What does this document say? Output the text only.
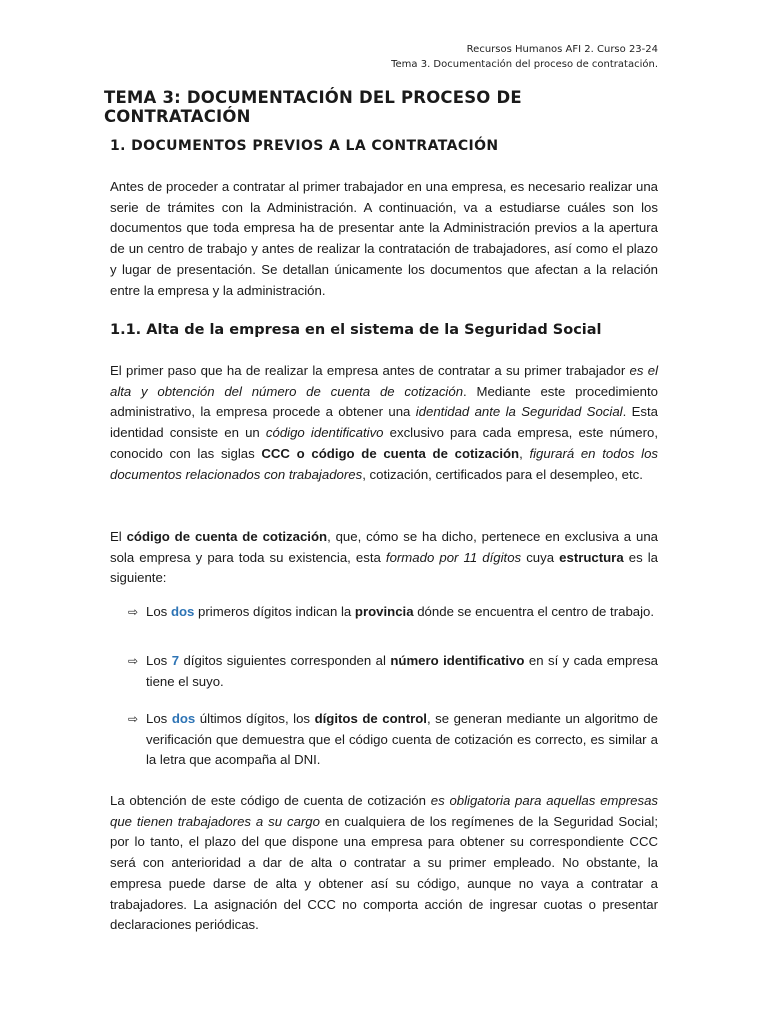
Recursos Humanos AFI 2. Curso 23-24
Tema 3. Documentación del proceso de contratación.
TEMA 3: DOCUMENTACIÓN DEL PROCESO DE CONTRATACIÓN
1. DOCUMENTOS PREVIOS A LA CONTRATACIÓN
Antes de proceder a contratar al primer trabajador en una empresa, es necesario realizar una serie de trámites con la Administración. A continuación, va a estudiarse cuáles son los documentos que toda empresa ha de presentar ante la Administración previos a la apertura de un centro de trabajo y antes de realizar la contratación de trabajadores, así como el plazo y lugar de presentación. Se detallan únicamente los documentos que afectan a la relación entre la empresa y la administración.
1.1. Alta de la empresa en el sistema de la Seguridad Social
El primer paso que ha de realizar la empresa antes de contratar a su primer trabajador es el alta y obtención del número de cuenta de cotización. Mediante este procedimiento administrativo, la empresa procede a obtener una identidad ante la Seguridad Social. Esta identidad consiste en un código identificativo exclusivo para cada empresa, este número, conocido con las siglas CCC o código de cuenta de cotización, figurará en todos los documentos relacionados con trabajadores, cotización, certificados para el desempleo, etc.
El código de cuenta de cotización, que, cómo se ha dicho, pertenece en exclusiva a una sola empresa y para toda su existencia, esta formado por 11 dígitos cuya estructura es la siguiente:
⇨ Los dos primeros dígitos indican la provincia dónde se encuentra el centro de trabajo.
⇨ Los 7 dígitos siguientes corresponden al número identificativo en sí y cada empresa tiene el suyo.
⇨ Los dos últimos dígitos, los dígitos de control, se generan mediante un algoritmo de verificación que demuestra que el código cuenta de cotización es correcto, es similar a la letra que acompaña al DNI.
La obtención de este código de cuenta de cotización es obligatoria para aquellas empresas que tienen trabajadores a su cargo en cualquiera de los regímenes de la Seguridad Social; por lo tanto, el plazo del que dispone una empresa para obtener su correspondiente CCC será con anterioridad a dar de alta o contratar a su primer empleado. No obstante, la empresa puede darse de alta y obtener así su código, aunque no vaya a contratar a trabajadores. La asignación del CCC no comporta acción de ingresar cuotas o presentar declaraciones periódicas.
